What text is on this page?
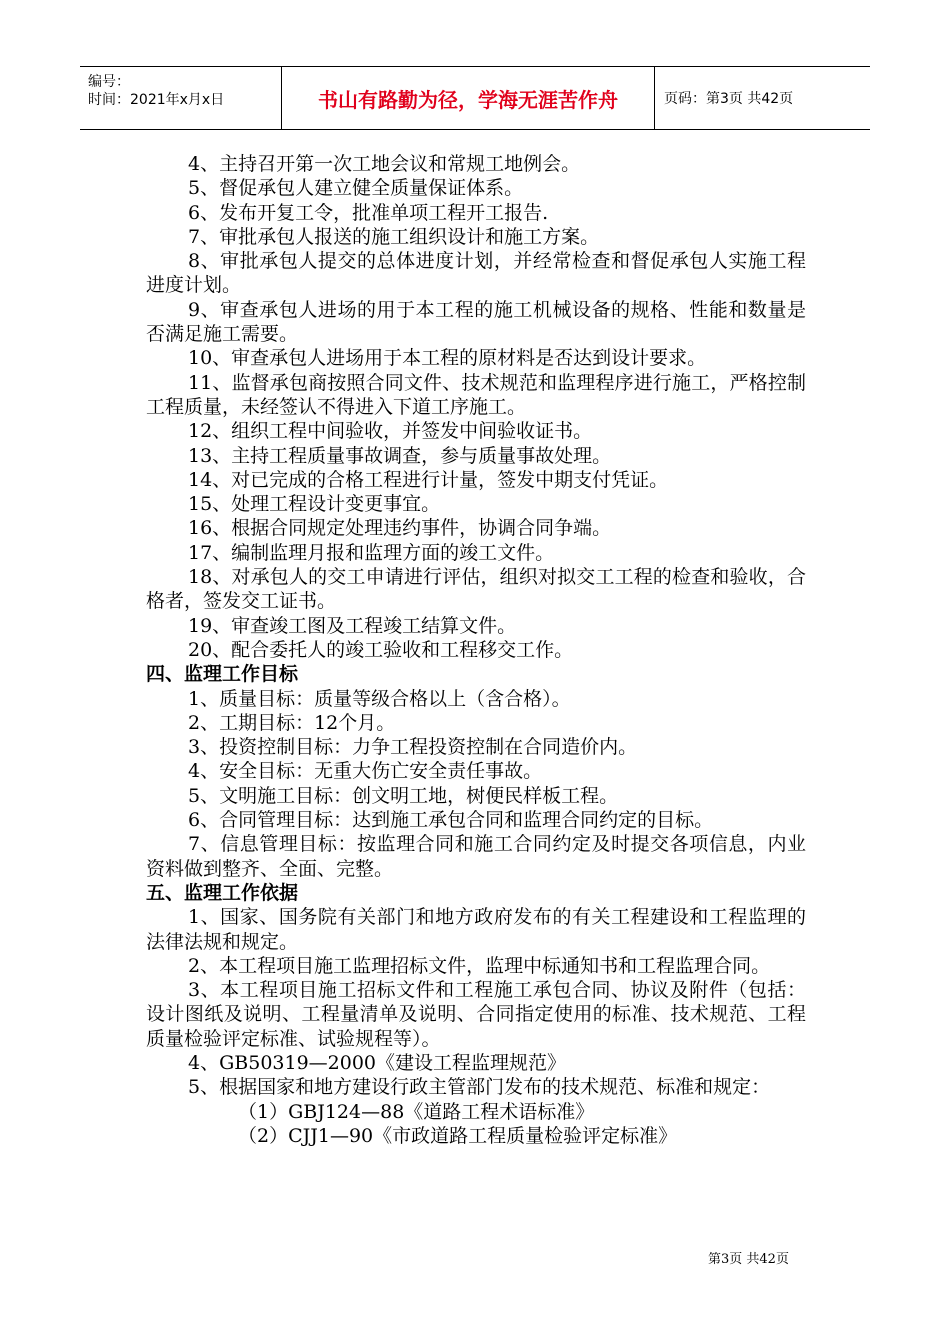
编号：
时间：2021年x月x日	书山有路勤为径，学海无涯苦作舟	页码：第3页 共42页

4、主持召开第一次工地会议和常规工地例会。

5、督促承包人建立健全质量保证体系。

6、发布开复工令，批准单项工程开工报告.

7、审批承包人报送的施工组织设计和施工方案。

8、审批承包人提交的总体进度计划，并经常检查和督促承包人实施工程进度计划。

9、审查承包人进场的用于本工程的施工机械设备的规格、性能和数量是否满足施工需要。

10、审查承包人进场用于本工程的原材料是否达到设计要求。

11、监督承包商按照合同文件、技术规范和监理程序进行施工，严格控制工程质量，未经签认不得进入下道工序施工。

12、组织工程中间验收，并签发中间验收证书。

13、主持工程质量事故调查，参与质量事故处理。

14、对已完成的合格工程进行计量，签发中期支付凭证。

15、处理工程设计变更事宜。

16、根据合同规定处理违约事件，协调合同争端。

17、编制监理月报和监理方面的竣工文件。

18、对承包人的交工申请进行评估，组织对拟交工工程的检查和验收，合格者，签发交工证书。

19、审查竣工图及工程竣工结算文件。

20、配合委托人的竣工验收和工程移交工作。

四、监理工作目标

1、质量目标：质量等级合格以上（含合格）。

2、工期目标：12个月。

3、投资控制目标：力争工程投资控制在合同造价内。

4、安全目标：无重大伤亡安全责任事故。

5、文明施工目标：创文明工地，树便民样板工程。

6、合同管理目标：达到施工承包合同和监理合同约定的目标。

7、信息管理目标：按监理合同和施工合同约定及时提交各项信息，内业资料做到整齐、全面、完整。

五、监理工作依据

1、国家、国务院有关部门和地方政府发布的有关工程建设和工程监理的法律法规和规定。

2、本工程项目施工监理招标文件，监理中标通知书和工程监理合同。

3、本工程项目施工招标文件和工程施工承包合同、协议及附件（包括：设计图纸及说明、工程量清单及说明、合同指定使用的标准、技术规范、工程质量检验评定标准、试验规程等）。

4、GB50319—2000《建设工程监理规范》

5、根据国家和地方建设行政主管部门发布的技术规范、标准和规定：

（1）GBJ124—88《道路工程术语标准》

（2）CJJ1—90《市政道路工程质量检验评定标准》

第3页 共42页
